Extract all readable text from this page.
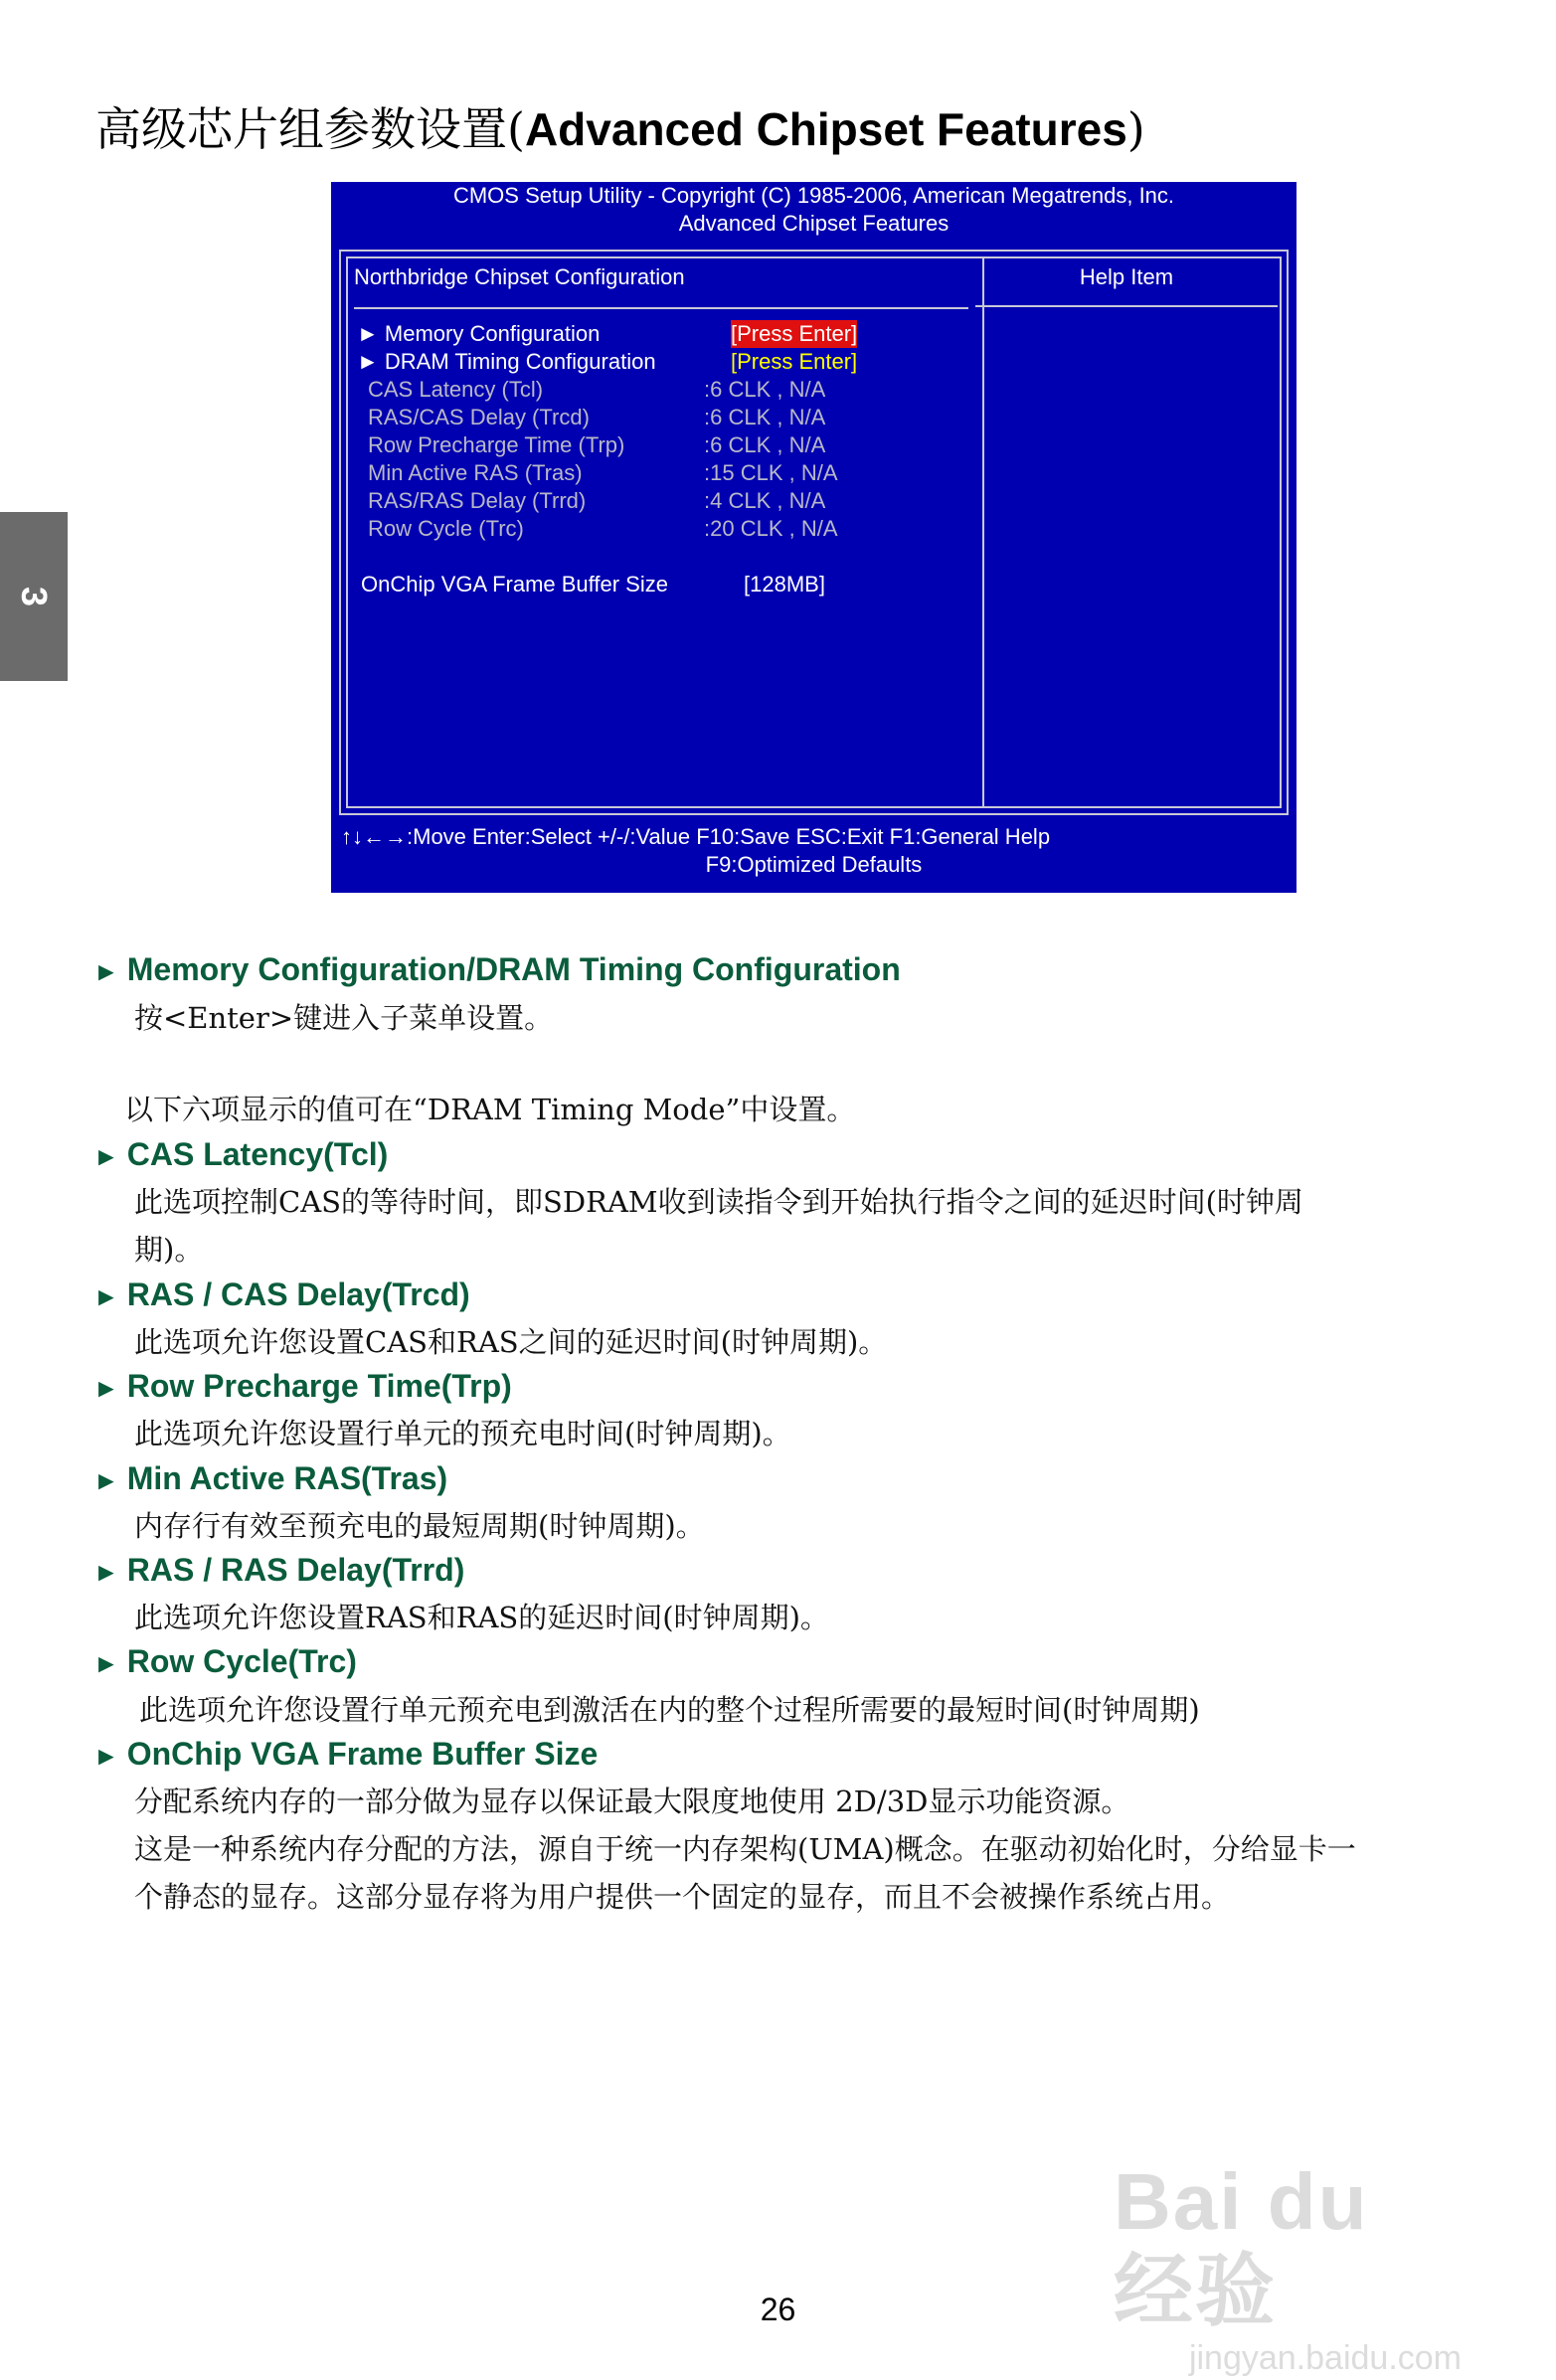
高级芯片组参数设置(Advanced Chipset Features)
3
CMOS Setup Utility - Copyright (C) 1985-2006, American Megatrends, Inc.
Advanced Chipset Features
Northbridge Chipset Configuration	Help Item
► Memory Configuration	[Press Enter]
► DRAM Timing Configuration	[Press Enter]
CAS Latency (Tcl)	:6 CLK , N/A
RAS/CAS Delay (Trcd)	:6 CLK , N/A
Row Precharge Time (Trp)	:6 CLK , N/A
Min Active RAS (Tras)	:15 CLK , N/A
RAS/RAS Delay (Trrd)	:4 CLK , N/A
Row Cycle (Trc)	:20 CLK , N/A
OnChip VGA Frame Buffer Size	[128MB]
↑↓←→:Move Enter:Select +/-/:Value F10:Save ESC:Exit F1:General Help
F9:Optimized Defaults
► Memory Configuration/DRAM Timing Configuration
按<Enter>键进入子菜单设置。
以下六项显示的值可在“DRAM Timing Mode”中设置。
► CAS Latency(Tcl)
此选项控制CAS的等待时间，即SDRAM收到读指令到开始执行指令之间的延迟时间(时钟周
期)。
► RAS / CAS Delay(Trcd)
此选项允许您设置CAS和RAS之间的延迟时间(时钟周期)。
► Row Precharge Time(Trp)
此选项允许您设置行单元的预充电时间(时钟周期)。
► Min Active RAS(Tras)
内存行有效至预充电的最短周期(时钟周期)。
► RAS / RAS Delay(Trrd)
此选项允许您设置RAS和RAS的延迟时间(时钟周期)。
► Row Cycle(Trc)
此选项允许您设置行单元预充电到激活在内的整个过程所需要的最短时间(时钟周期)
► OnChip VGA Frame Buffer Size
分配系统内存的一部分做为显存以保证最大限度地使用 2D/3D显示功能资源。
这是一种系统内存分配的方法，源自于统一内存架构(UMA)概念。在驱动初始化时，分给显卡一
个静态的显存。这部分显存将为用户提供一个固定的显存，而且不会被操作系统占用。
26
Bai du 经验
jingyan.baidu.com
